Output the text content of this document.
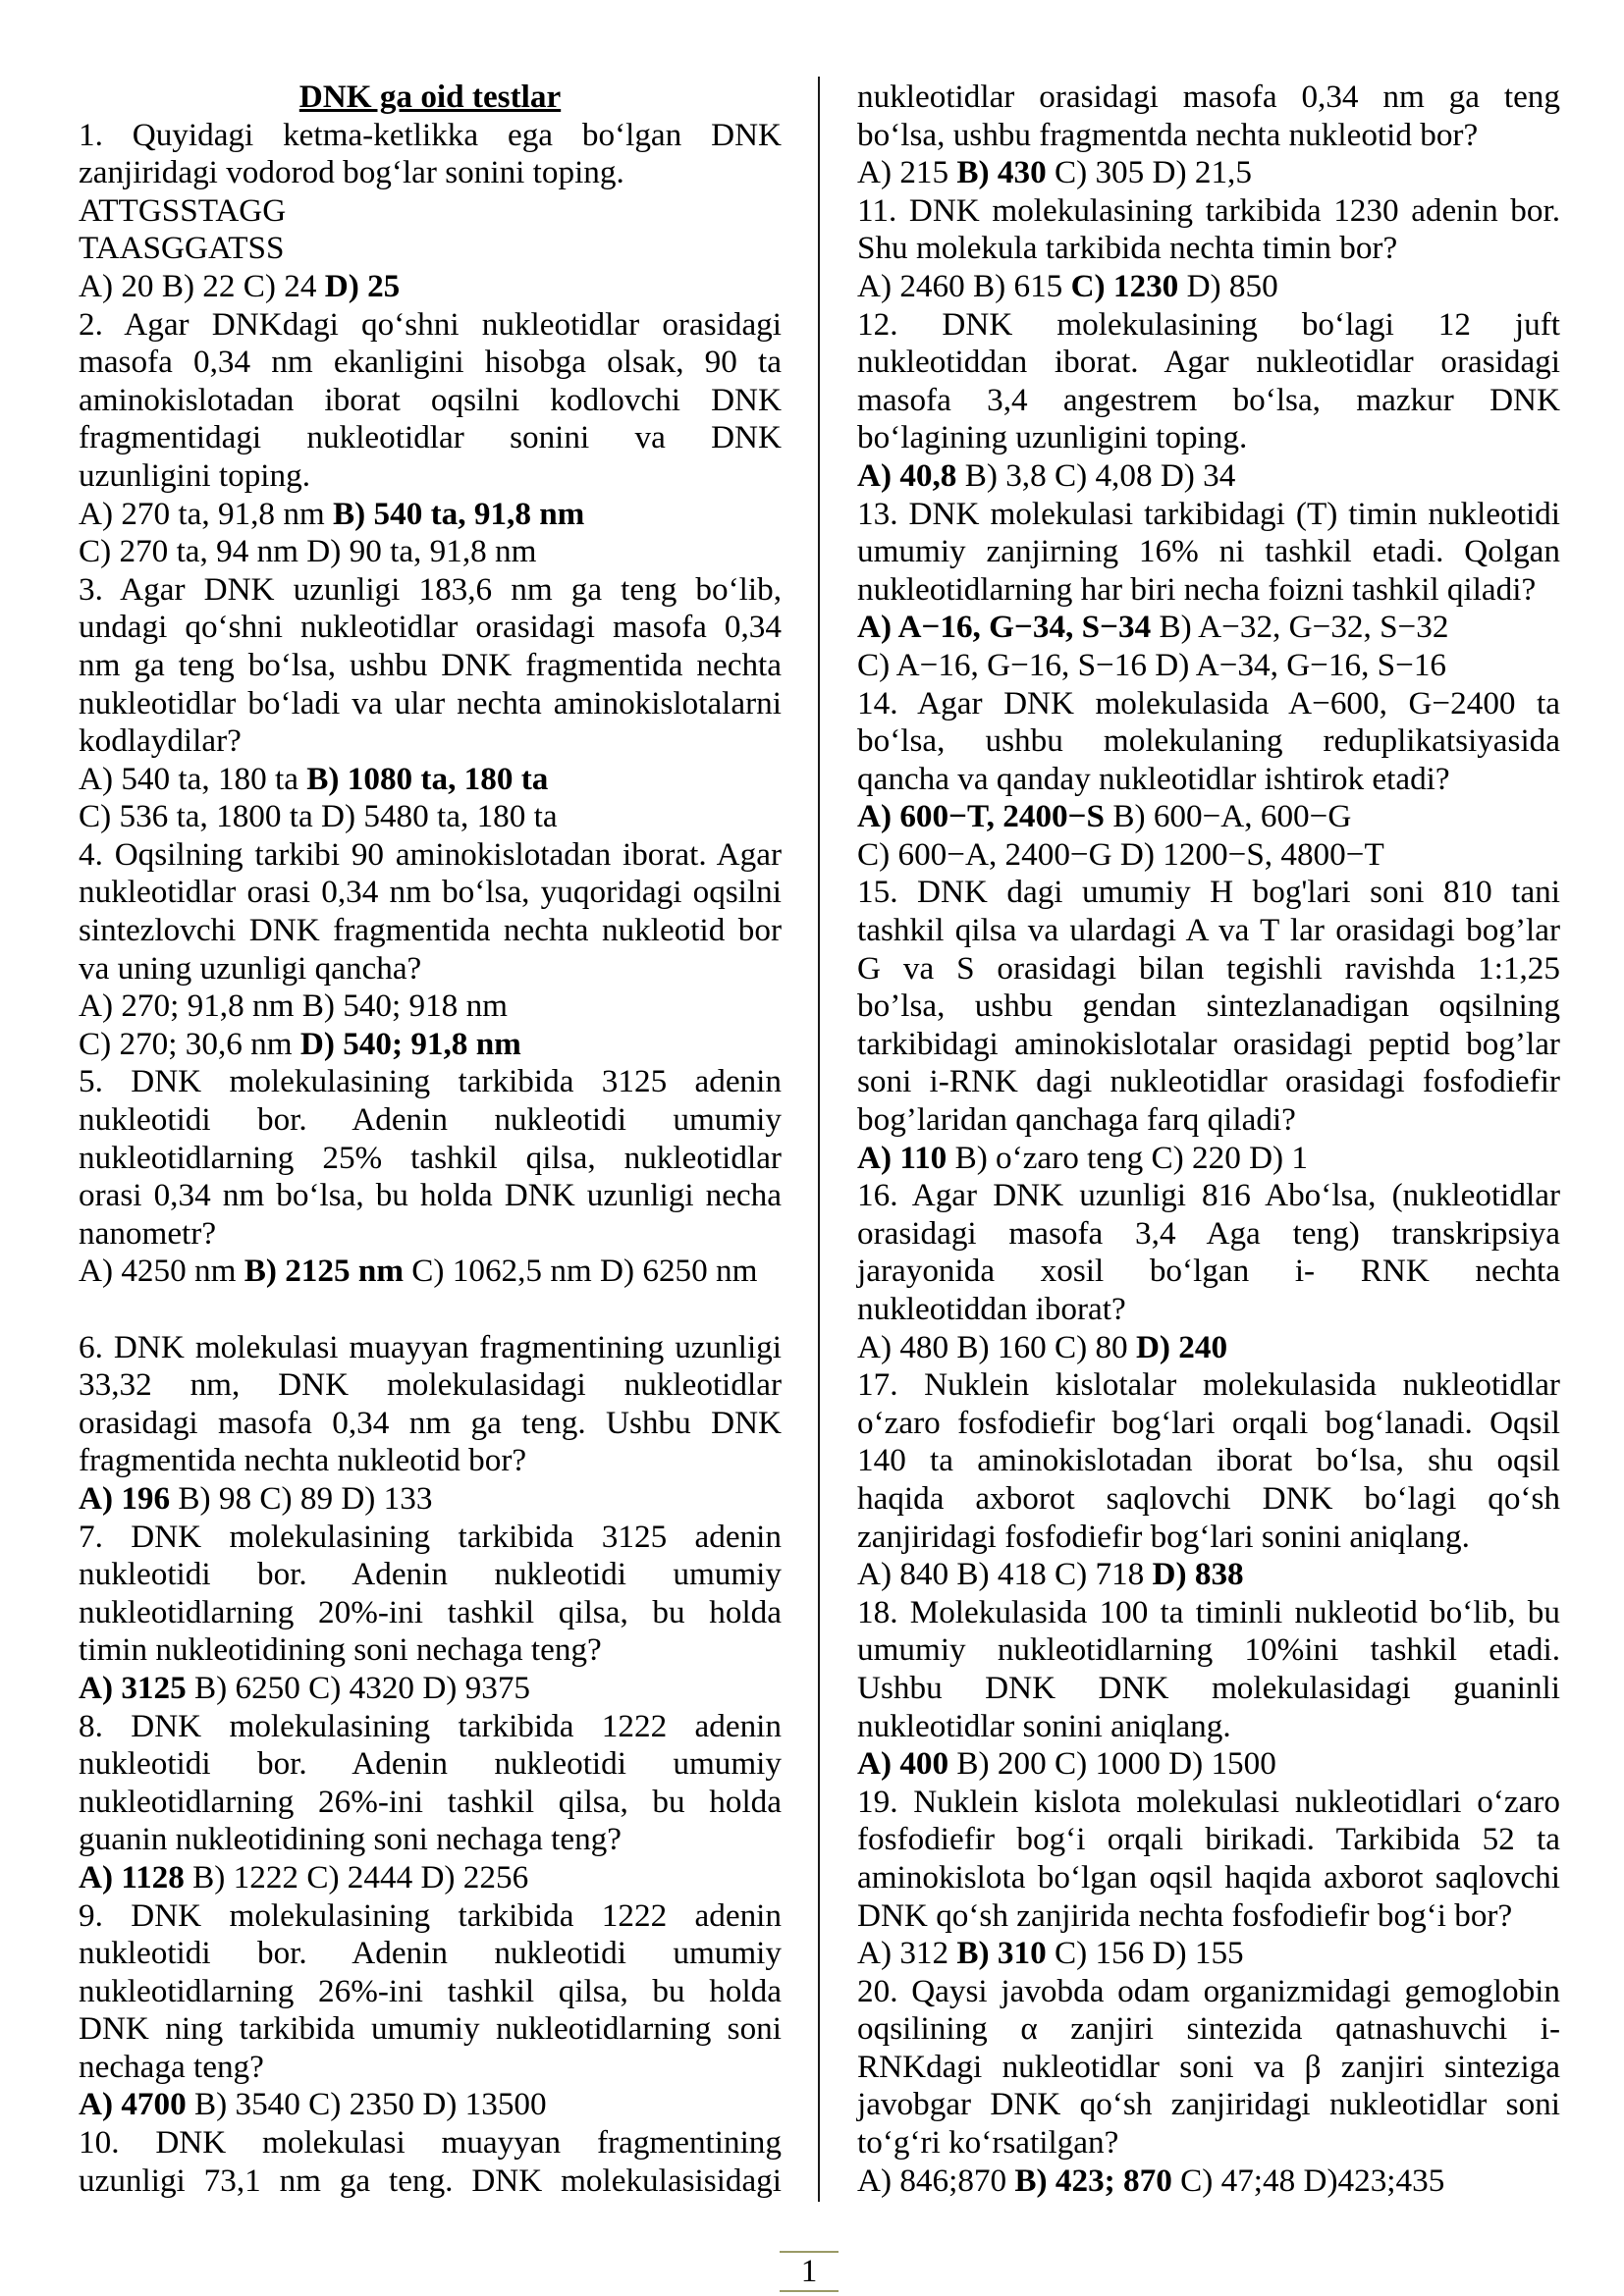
DNK ga oid testlar
1. Quyidagi ketma-ketlikka ega bo‘lgan DNK
zanjiridagi vodorod bog‘lar sonini toping.
ATTGSSTAGG
TAASGGATSS
A) 20 B) 22 C) 24 D) 25
2. Agar DNKdagi qo‘shni nukleotidlar orasidagi
masofa 0,34 nm ekanligini hisobga olsak, 90 ta
aminokislotadan iborat oqsilni kodlovchi DNK
fragmentidagi nukleotidlar sonini va DNK
uzunligini toping.
A) 270 ta, 91,8 nm B) 540 ta, 91,8 nm
C) 270 ta, 94 nm D) 90 ta, 91,8 nm
3. Agar DNK uzunligi 183,6 nm ga teng bo‘lib,
undagi qo‘shni nukleotidlar orasidagi masofa 0,34
nm ga teng bo‘lsa, ushbu DNK fragmentida nechta
nukleotidlar bo‘ladi va ular nechta aminokislotalarni
kodlaydilar?
A) 540 ta, 180 ta B) 1080 ta, 180 ta
C) 536 ta, 1800 ta D) 5480 ta, 180 ta
4. Oqsilning tarkibi 90 aminokislotadan iborat. Agar
nukleotidlar orasi 0,34 nm bo‘lsa, yuqoridagi oqsilni
sintezlovchi DNK fragmentida nechta nukleotid bor
va uning uzunligi qancha?
A) 270; 91,8 nm B) 540; 918 nm
C) 270; 30,6 nm D) 540; 91,8 nm
5. DNK molekulasining tarkibida 3125 adenin
nukleotidi bor. Adenin nukleotidi umumiy
nukleotidlarning 25% tashkil qilsa, nukleotidlar
orasi 0,34 nm bo‘lsa, bu holda DNK uzunligi necha
nanometr?
A) 4250 nm B) 2125 nm C) 1062,5 nm D) 6250 nm
6. DNK molekulasi muayyan fragmentining uzunligi
33,32 nm, DNK molekulasidagi nukleotidlar
orasidagi masofa 0,34 nm ga teng. Ushbu DNK
fragmentida nechta nukleotid bor?
A) 196 B) 98 C) 89 D) 133
7. DNK molekulasining tarkibida 3125 adenin
nukleotidi bor. Adenin nukleotidi umumiy
nukleotidlarning 20%-ini tashkil qilsa, bu holda
timin nukleotidining soni nechaga teng?
A) 3125 B) 6250 C) 4320 D) 9375
8. DNK molekulasining tarkibida 1222 adenin
nukleotidi bor. Adenin nukleotidi umumiy
nukleotidlarning 26%-ini tashkil qilsa, bu holda
guanin nukleotidining soni nechaga teng?
A) 1128 B) 1222 C) 2444 D) 2256
9. DNK molekulasining tarkibida 1222 adenin
nukleotidi bor. Adenin nukleotidi umumiy
nukleotidlarning 26%-ini tashkil qilsa, bu holda
DNK ning tarkibida umumiy nukleotidlarning soni
nechaga teng?
A) 4700 B) 3540 C) 2350 D) 13500
10. DNK molekulasi muayyan fragmentining
uzunligi 73,1 nm ga teng. DNK molekulasisidagi
nukleotidlar orasidagi masofa 0,34 nm ga teng
bo‘lsa, ushbu fragmentda nechta nukleotid bor?
A) 215 B) 430 C) 305 D) 21,5
11. DNK molekulasining tarkibida 1230 adenin bor.
Shu molekula tarkibida nechta timin bor?
A) 2460 B) 615 C) 1230 D) 850
12. DNK molekulasining bo‘lagi 12 juft
nukleotiddan iborat. Agar nukleotidlar orasidagi
masofa 3,4 angestrem bo‘lsa, mazkur DNK
bo‘lagining uzunligini toping.
A) 40,8 B) 3,8 C) 4,08 D) 34
13. DNK molekulasi tarkibidagi (T) timin nukleotidi
umumiy zanjirning 16% ni tashkil etadi. Qolgan
nukleotidlarning har biri necha foizni tashkil qiladi?
A) A−16, G−34, S−34 B) A−32, G−32, S−32
C) A−16, G−16, S−16 D) A−34, G−16, S−16
14. Agar DNK molekulasida A−600, G−2400 ta
bo‘lsa, ushbu molekulaning reduplikatsiyasida
qancha va qanday nukleotidlar ishtirok etadi?
A) 600−T, 2400−S B) 600−A, 600−G
C) 600−A, 2400−G D) 1200−S, 4800−T
15. DNK dagi umumiy H bog'lari soni 810 tani
tashkil qilsa va ulardagi A va T lar orasidagi bog’lar
G va S orasidagi bilan tegishli ravishda 1:1,25
bo’lsa, ushbu gendan sintezlanadigan oqsilning
tarkibidagi aminokislotalar orasidagi peptid bog’lar
soni i-RNK dagi nukleotidlar orasidagi fosfodiefir
bog’laridan qanchaga farq qiladi?
A) 110 B) o‘zaro teng C) 220 D) 1
16. Agar DNK uzunligi 816 Abo‘lsa, (nukleotidlar
orasidagi masofa 3,4 Aga teng) transkripsiya
jarayonida xosil bo‘lgan i- RNK nechta
nukleotiddan iborat?
A) 480 B) 160 C) 80 D) 240
17. Nuklein kislotalar molekulasida nukleotidlar
o‘zaro fosfodiefir bog‘lari orqali bog‘lanadi. Oqsil
140 ta aminokislotadan iborat bo‘lsa, shu oqsil
haqida axborot saqlovchi DNK bo‘lagi qo‘sh
zanjiridagi fosfodiefir bog‘lari sonini aniqlang.
A) 840 B) 418 C) 718 D) 838
18. Molekulasida 100 ta timinli nukleotid bo‘lib, bu
umumiy nukleotidlarning 10%ini tashkil etadi.
Ushbu DNK DNK molekulasidagi guaninli
nukleotidlar sonini aniqlang.
A) 400 B) 200 C) 1000 D) 1500
19. Nuklein kislota molekulasi nukleotidlari o‘zaro
fosfodiefir bog‘i orqali birikadi. Tarkibida 52 ta
aminokislota bo‘lgan oqsil haqida axborot saqlovchi
DNK qo‘sh zanjirida nechta fosfodiefir bog‘i bor?
A) 312 B) 310 C) 156 D) 155
20. Qaysi javobda odam organizmidagi gemoglobin
oqsilining α zanjiri sintezida qatnashuvchi i-
RNKdagi nukleotidlar soni va β zanjiri sinteziga
javobgar DNK qo‘sh zanjiridagi nukleotidlar soni
to‘g‘ri ko‘rsatilgan?
A) 846;870 B) 423; 870 C) 47;48 D)423;435
1
